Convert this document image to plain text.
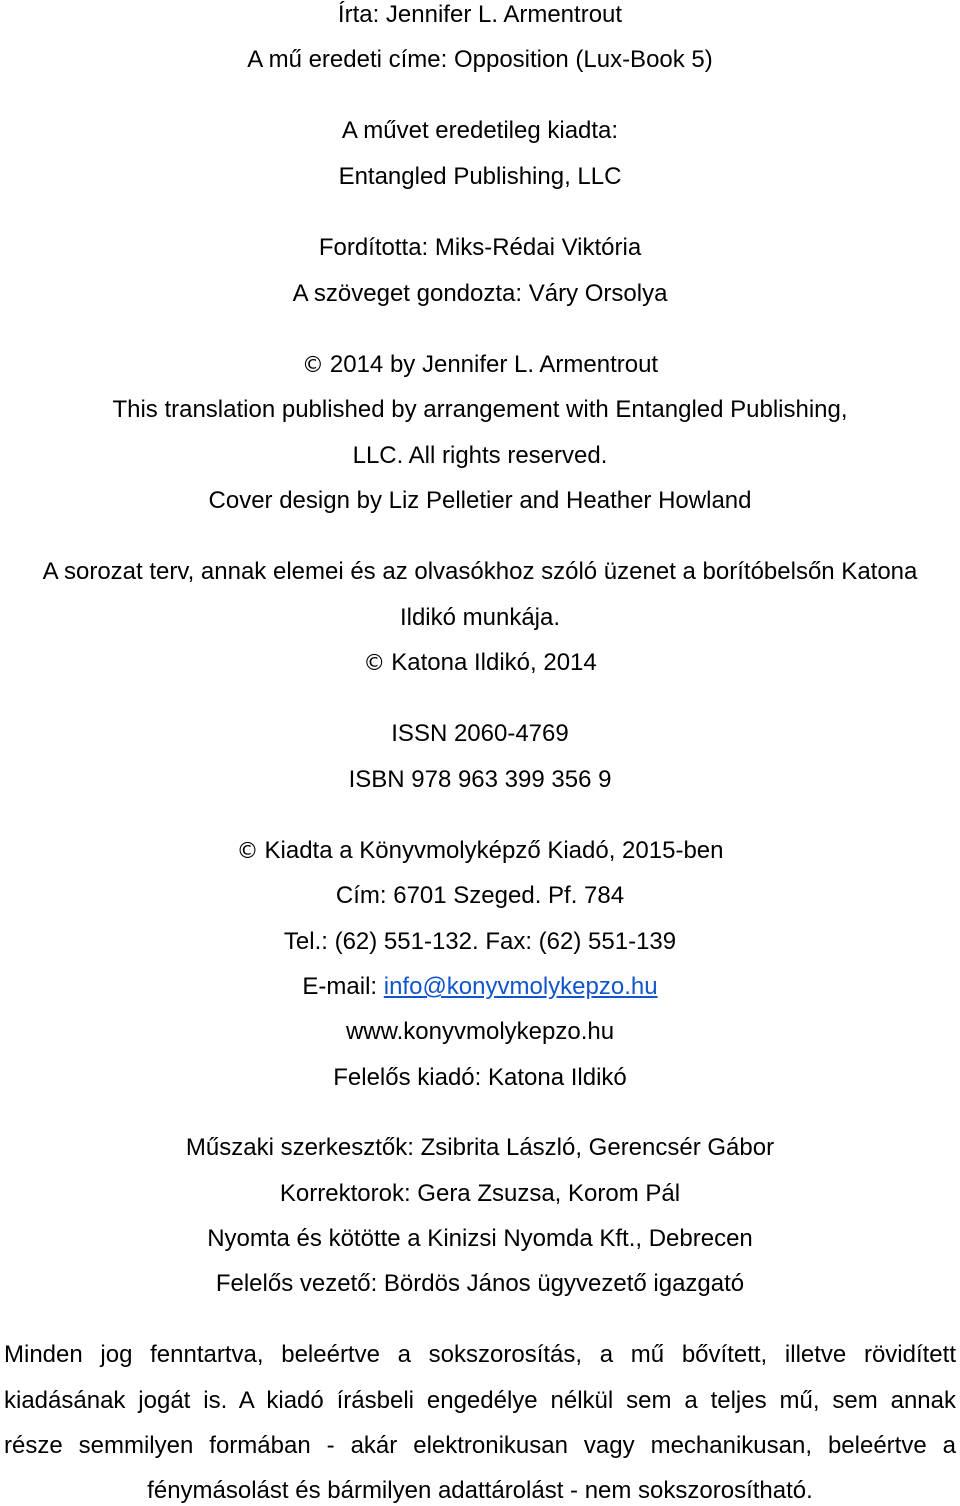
Írta: Jennifer L. Armentrout
A mű eredeti címe: Opposition (Lux-Book 5)
A művet eredetileg kiadta:
Entangled Publishing, LLC
Fordította: Miks-Rédai Viktória
A szöveget gondozta: Váry Orsolya
© 2014 by Jennifer L. Armentrout
This translation published by arrangement with Entangled Publishing,
LLC. All rights reserved.
Cover design by Liz Pelletier and Heather Howland
A sorozat terv, annak elemei és az olvasókhoz szóló üzenet a borítóbelsőn Katona
Ildikó munkája.
© Katona Ildikó, 2014
ISSN 2060-4769
ISBN 978 963 399 356 9
© Kiadta a Könyvmolyképző Kiadó, 2015-ben
Cím: 6701 Szeged. Pf. 784
Tel.: (62) 551-132. Fax: (62) 551-139
E-mail: info@konyvmolykepzo.hu
www.konyvmolykepzo.hu
Felelős kiadó: Katona Ildikó
Műszaki szerkesztők: Zsibrita László, Gerencsér Gábor
Korrektorok: Gera Zsuzsa, Korom Pál
Nyomta és kötötte a Kinizsi Nyomda Kft., Debrecen
Felelős vezető: Bördös János ügyvezető igazgató
Minden jog fenntartva, beleértve a sokszorosítás, a mű bővített, illetve rövidített
kiadásának jogát is. A kiadó írásbeli engedélye nélkül sem a teljes mű, sem annak
része semmilyen formában - akár elektronikusan vagy mechanikusan, beleértve a
fénymásolást és bármilyen adattárolást - nem sokszorosítható.
